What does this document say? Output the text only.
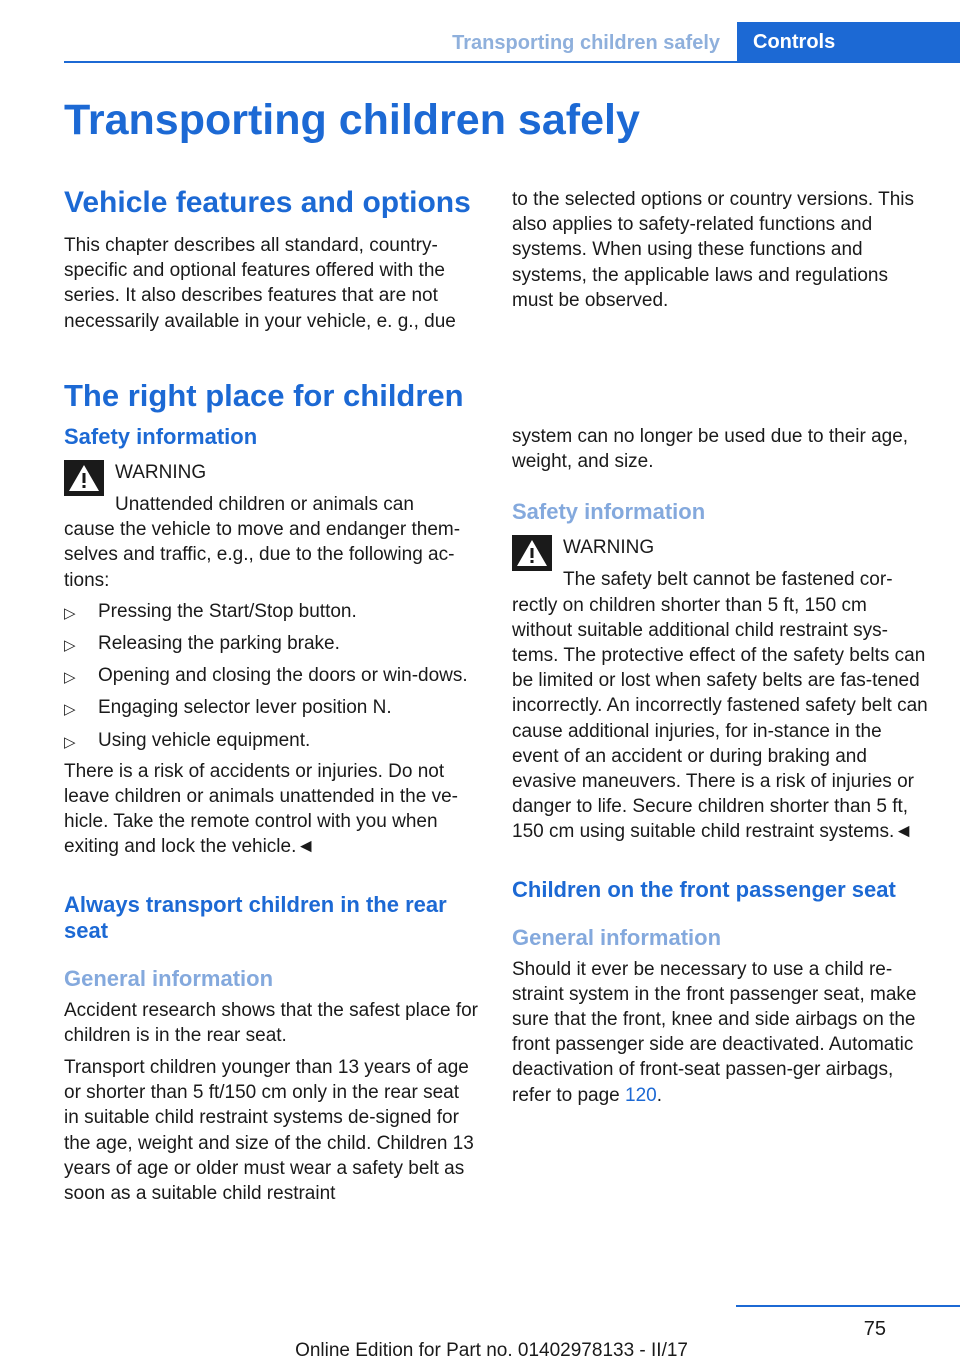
Transporting children safely	Controls
Transporting children safely
Vehicle features and options

This chapter describes all standard, country-specific and optional features offered with the series. It also describes features that are not necessarily available in your vehicle, e. g., due

to the selected options or country versions. This also applies to safety-related functions and systems. When using these functions and systems, the applicable laws and regulations must be observed.

The right place for children
Safety information
WARNING

Unattended children or animals can

cause the vehicle to move and endanger them-selves and traffic, e.g., due to the following ac-tions:

▷ Pressing the Start/Stop button.
▷ Releasing the parking brake.
▷ Opening and closing the doors or win-dows.
▷ Engaging selector lever position N.
▷ Using vehicle equipment.

There is a risk of accidents or injuries. Do not leave children or animals unattended in the ve-hicle. Take the remote control with you when exiting and lock the vehicle.◄

Always transport children in the rear seat
General information

Accident research shows that the safest place for children is in the rear seat.

Transport children younger than 13 years of age or shorter than 5 ft/150 cm only in the rear seat in suitable child restraint systems de-signed for the age, weight and size of the child. Children 13 years of age or older must wear a safety belt as soon as a suitable child restraint

system can no longer be used due to their age, weight, and size.

Safety information
WARNING

The safety belt cannot be fastened cor-

rectly on children shorter than 5 ft, 150 cm without suitable additional child restraint sys-tems. The protective effect of the safety belts can be limited or lost when safety belts are fas-tened incorrectly. An incorrectly fastened safety belt can cause additional injuries, for in-stance in the event of an accident or during braking and evasive maneuvers. There is a risk of injuries or danger to life. Secure children shorter than 5 ft, 150 cm using suitable child restraint systems.◄

Children on the front passenger seat
General information

Should it ever be necessary to use a child re-straint system in the front passenger seat, make sure that the front, knee and side airbags on the front passenger side are deactivated. Automatic deactivation of front-seat passen-ger airbags, refer to page 120.

75
Online Edition for Part no. 01402978133 - II/17
